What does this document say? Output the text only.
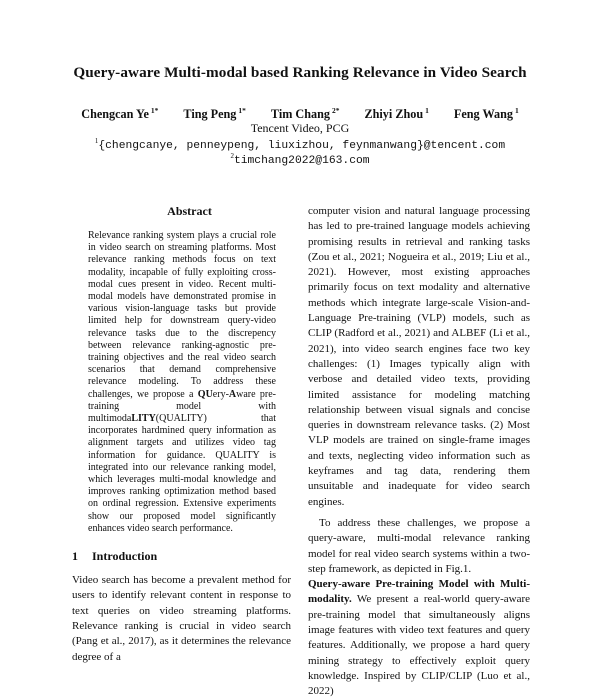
Query-aware Multi-modal based Ranking Relevance in Video Search
Chengcan Ye $^{1*}$ Ting Peng $^{1*}$ Tim Chang $^{2*}$ Zhiyi Zhou $^1$ Feng Wang $^1$
Tencent Video, PCG
$^1${chengcanye, penneypeng, liuxizhou, feynmanwang}@tencent.com
$^2$timchang2022@163.com
Abstract
Relevance ranking system plays a crucial role in video search on streaming platforms. Most relevance ranking methods focus on text modality, incapable of fully exploiting cross-modal cues present in video. Recent multi-modal models have demonstrated promise in various vision-language tasks but provide limited help for downstream query-video relevance tasks due to the discrepency between relevance ranking-agnostic pre-training objectives and the real video search scenarios that demand comprehensive relevance modeling. To address these challenges, we propose a QUery-Aware pre-training model with multimodaLITY(QUALITY) that incorporates hardmined query information as alignment targets and utilizes video tag information for guidance. QUALITY is integrated into our relevance ranking model, which leverages multi-modal knowledge and improves ranking optimization method based on ordinal regression. Extensive experiments show our proposed model significantly enhances video search performance.
1 Introduction
Video search has become a prevalent method for users to identify relevant content in response to text queries on video streaming platforms. Relevance ranking is crucial in video search (Pang et al., 2017), as it determines the relevance degree of a
computer vision and natural language processing has led to pre-trained language models achieving promising results in retrieval and ranking tasks (Zou et al., 2021; Nogueira et al., 2019; Liu et al., 2021). However, most existing approaches primarily focus on text modality and alternative methods which integrate large-scale Vision-and-Language Pre-training (VLP) models, such as CLIP (Radford et al., 2021) and ALBEF (Li et al., 2021), into video search engines face two key challenges: (1) Images typically align with verbose and detailed video texts, providing limited assistance for modeling matching relationship between visual signals and concise queries in downstream relevance tasks. (2) Most VLP models are trained on single-frame images and texts, neglecting video information such as keyframes and tag data, rendering them unsuitable and inadequate for video search engines.
To address these challenges, we propose a query-aware, multi-modal relevance ranking model for real video search systems within a two-step framework, as depicted in Fig.1.
Query-aware Pre-training Model with Multi-modality. We present a real-world query-aware pre-training model that simultaneously aligns image features with video text features and query features. Additionally, we propose a hard query mining strategy to effectively exploit query knowledge. Inspired by CLIP/CLIP (Luo et al., 2022)
